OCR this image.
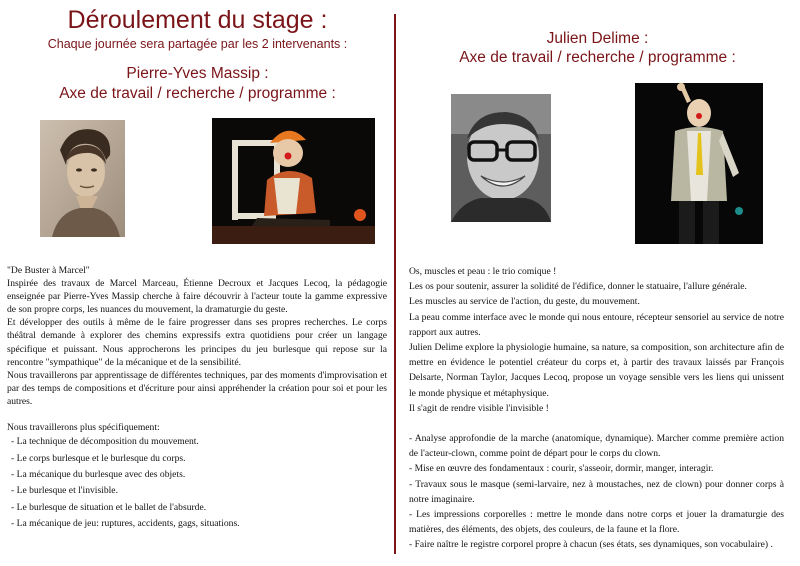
Déroulement du stage :
Chaque journée sera partagée par les 2 intervenants :
Pierre-Yves Massip :
Axe de travail / recherche / programme :
Julien Delime :
Axe de travail / recherche / programme :

"De Buster à Marcel"

Inspirée des travaux de Marcel Marceau, Étienne Decroux et Jacques Lecoq, la pédagogie enseignée par Pierre-Yves Massip cherche à faire découvrir à l'acteur toute la gamme expressive de son propre corps, les nuances du mouvement, la dramaturgie du geste.

Et développer des outils à même de le faire progresser dans ses propres recherches. Le corps théâtral demande à explorer des chemins expressifs extra quotidiens pour créer un langage spécifique et puissant. Nous approcherons les principes du jeu burlesque qui repose sur la rencontre "sympathique" de la mécanique et de la sensibilité.

Nous travaillerons par apprentissage de différentes techniques, par des moments d'improvisation et par des temps de compositions et d'écriture pour ainsi appréhender la création pour soi et pour les autres.

Nous travaillerons plus spécifiquement:

- La technique de décomposition du mouvement.

- Le corps burlesque et le burlesque du corps.

- La mécanique du burlesque avec des objets.

- Le burlesque et l'invisible.

- Le burlesque de situation et le ballet de l'absurde.

- La mécanique de jeu: ruptures, accidents, gags, situations.

Os, muscles et peau : le trio comique !

Les os pour soutenir, assurer la solidité de l'édifice, donner le statuaire, l'allure générale.

Les muscles au service de l'action, du geste, du mouvement.

La peau comme interface avec le monde qui nous entoure, récepteur sensoriel au service de notre rapport aux autres.

Julien Delime explore la physiologie humaine, sa nature, sa composition, son architecture afin de mettre en évidence le potentiel créateur du corps et, à partir des travaux laissés par François Delsarte, Norman Taylor, Jacques Lecoq, propose un voyage sensible vers les liens qui unissent le monde physique et métaphysique.

Il s'agit de rendre visible l'invisible !

- Analyse approfondie de la marche (anatomique, dynamique). Marcher comme première action de l'acteur-clown, comme point de départ pour le corps du clown.

- Mise en œuvre des fondamentaux : courir, s'asseoir, dormir, manger, interagir.

- Travaux sous le masque (semi-larvaire, nez à moustaches, nez de clown) pour donner corps à notre imaginaire.

- Les impressions corporelles : mettre le monde dans notre corps et jouer la dramaturgie des matières, des éléments, des objets, des couleurs, de la faune et la flore.

- Faire naître le registre corporel propre à chacun (ses états, ses dynamiques, son vocabulaire) .
